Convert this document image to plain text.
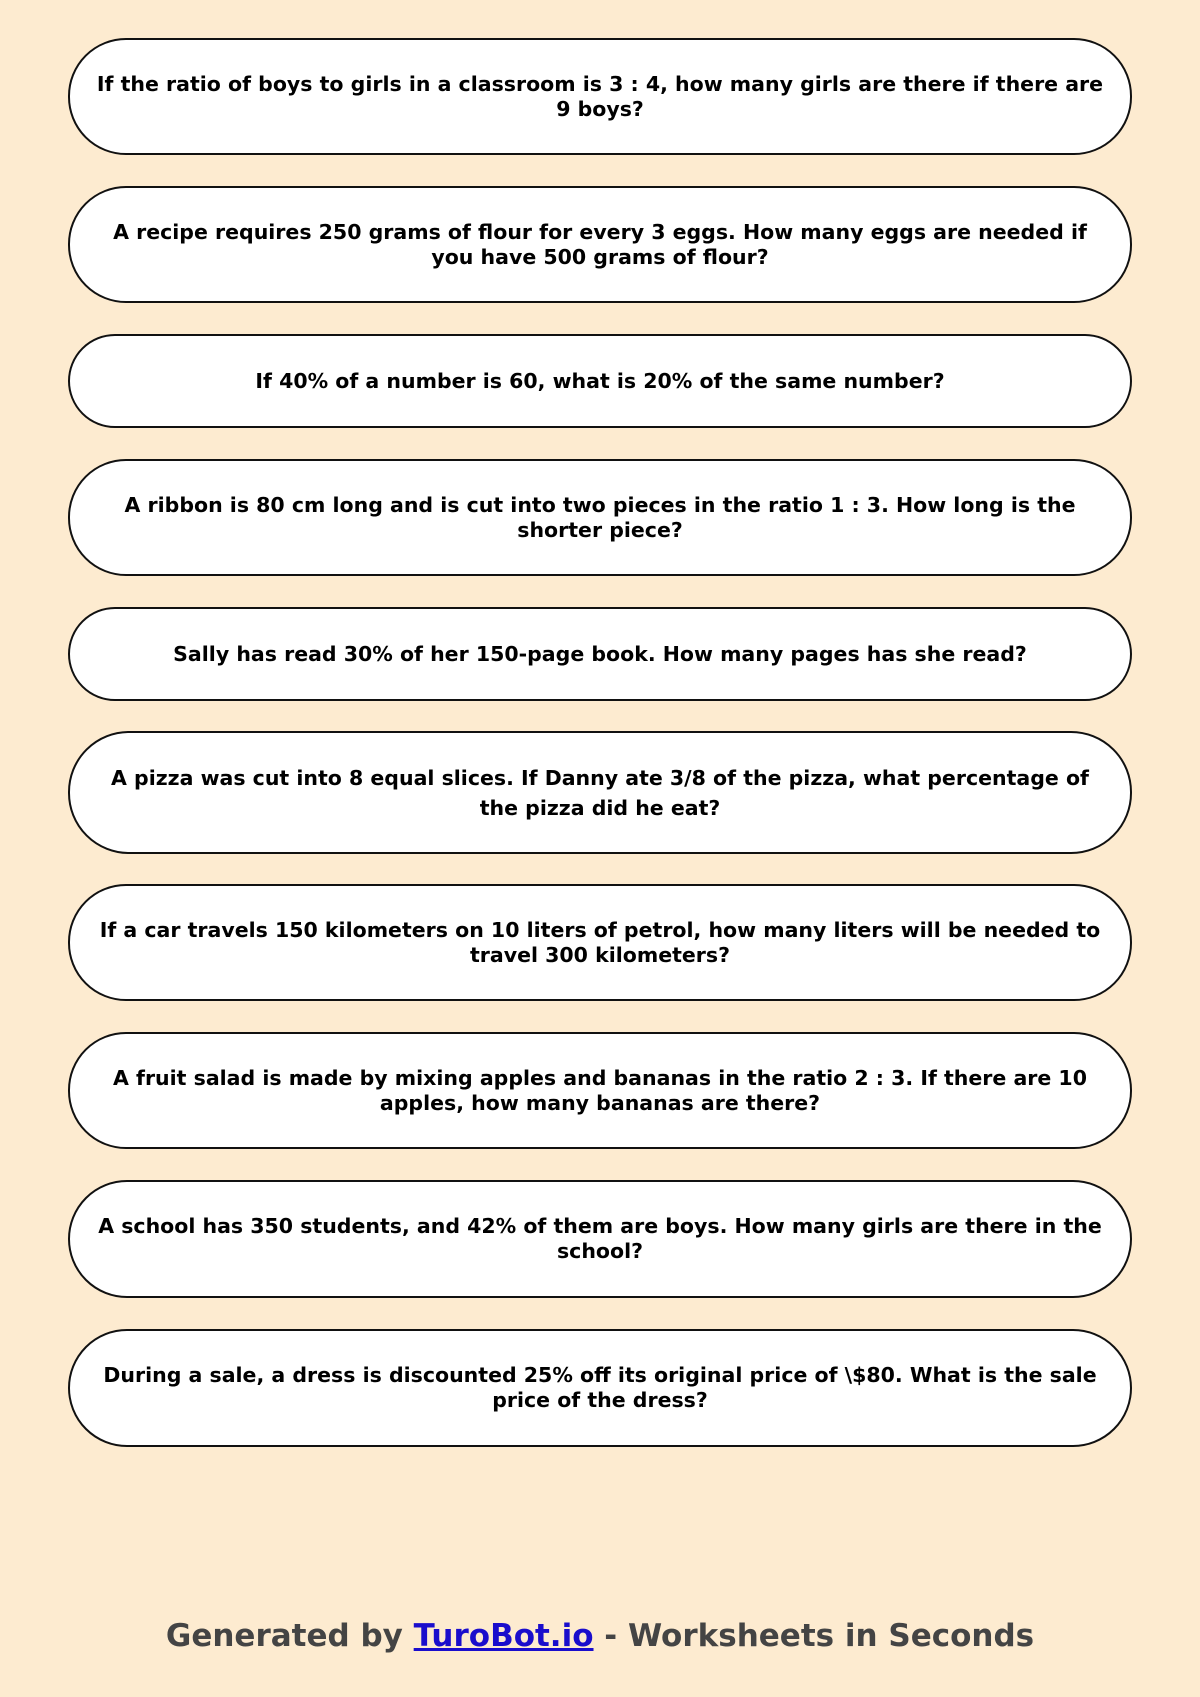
If the ratio of boys to girls in a classroom is 3 : 4, how many girls are there if there are 9 boys?
A recipe requires 250 grams of flour for every 3 eggs. How many eggs are needed if you have 500 grams of flour?
If 40% of a number is 60, what is 20% of the same number?
A ribbon is 80 cm long and is cut into two pieces in the ratio 1 : 3. How long is the shorter piece?
Sally has read 30% of her 150-page book. How many pages has she read?
A pizza was cut into 8 equal slices. If Danny ate 3/8 of the pizza, what percentage of the pizza did he eat?
If a car travels 150 kilometers on 10 liters of petrol, how many liters will be needed to travel 300 kilometers?
A fruit salad is made by mixing apples and bananas in the ratio 2 : 3. If there are 10 apples, how many bananas are there?
A school has 350 students, and 42% of them are boys. How many girls are there in the school?
During a sale, a dress is discounted 25% off its original price of \$80. What is the sale price of the dress?
Generated by TuroBot.io - Worksheets in Seconds
